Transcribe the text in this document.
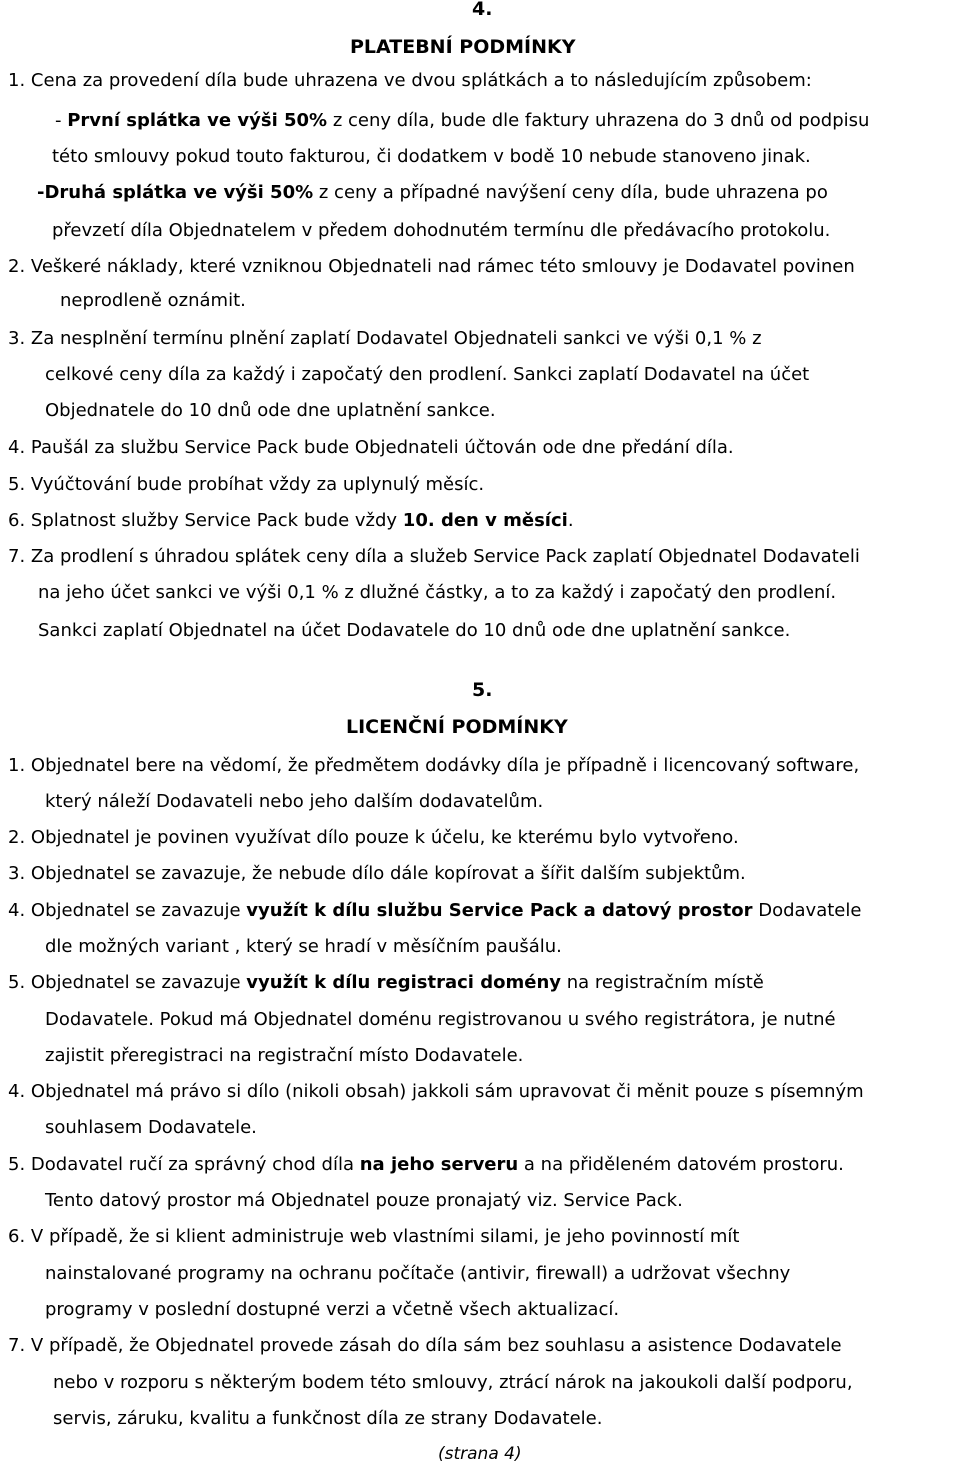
4.
PLATEBNÍ PODMÍNKY
1. Cena za provedení díla bude uhrazena ve dvou splátkách a to následujícím způsobem:
- První splátka ve výši 50% z ceny díla, bude dle faktury uhrazena do 3 dnů od podpisu
této smlouvy pokud touto fakturou, či dodatkem v bodě 10 nebude stanoveno jinak.
-Druhá splátka ve výši 50% z ceny a případné navýšení ceny díla, bude uhrazena po
převzetí díla Objednatelem v předem dohodnutém termínu dle předávacího protokolu.
2. Veškeré náklady, které vzniknou Objednateli nad rámec této smlouvy je Dodavatel povinen
neprodleně oznámit.
3. Za nesplnění termínu plnění zaplatí Dodavatel Objednateli sankci ve výši 0,1 % z
celkové ceny díla za každý i započatý den prodlení. Sankci zaplatí Dodavatel na účet
Objednatele do 10 dnů ode dne uplatnění sankce.
4. Paušál za službu Service Pack bude Objednateli účtován ode dne předání díla.
5. Vyúčtování bude probíhat vždy za uplynulý měsíc.
6. Splatnost služby Service Pack bude vždy 10. den v měsíci.
7. Za prodlení s úhradou splátek ceny díla a služeb Service Pack zaplatí Objednatel Dodavateli
na jeho účet sankci ve výši 0,1 % z dlužné částky, a to za každý i započatý den prodlení.
Sankci zaplatí Objednatel na účet Dodavatele do 10 dnů ode dne uplatnění sankce.
5.
LICENČNÍ PODMÍNKY
1. Objednatel bere na vědomí, že předmětem dodávky díla je případně i licencovaný software,
který náleží Dodavateli nebo jeho dalším dodavatelům.
2. Objednatel je povinen využívat dílo pouze k účelu, ke kterému bylo vytvořeno.
3. Objednatel se zavazuje, že nebude dílo dále kopírovat a šířit dalším subjektům.
4. Objednatel se zavazuje využít k dílu službu Service Pack a datový prostor Dodavatele
dle možných variant , který se hradí v měsíčním paušálu.
5. Objednatel se zavazuje využít k dílu registraci domény na registračním místě
Dodavatele. Pokud má Objednatel doménu registrovanou u svého registrátora, je nutné
zajistit přeregistraci na registrační místo Dodavatele.
4. Objednatel má právo si dílo (nikoli obsah) jakkoli sám upravovat či měnit pouze s písemným
souhlasem Dodavatele.
5. Dodavatel ručí za správný chod díla na jeho serveru a na přiděleném datovém prostoru.
Tento datový prostor má Objednatel pouze pronajatý viz. Service Pack.
6. V případě, že si klient administruje web vlastními silami, je jeho povinností mít
nainstalované programy na ochranu počítače (antivir, firewall) a udržovat všechny
programy v poslední dostupné verzi a včetně všech aktualizací.
7. V případě, že Objednatel provede zásah do díla sám bez souhlasu a asistence Dodavatele
nebo v rozporu s některým bodem této smlouvy, ztrácí nárok na jakoukoli další podporu,
servis, záruku, kvalitu a funkčnost díla ze strany Dodavatele.
(strana 4)
